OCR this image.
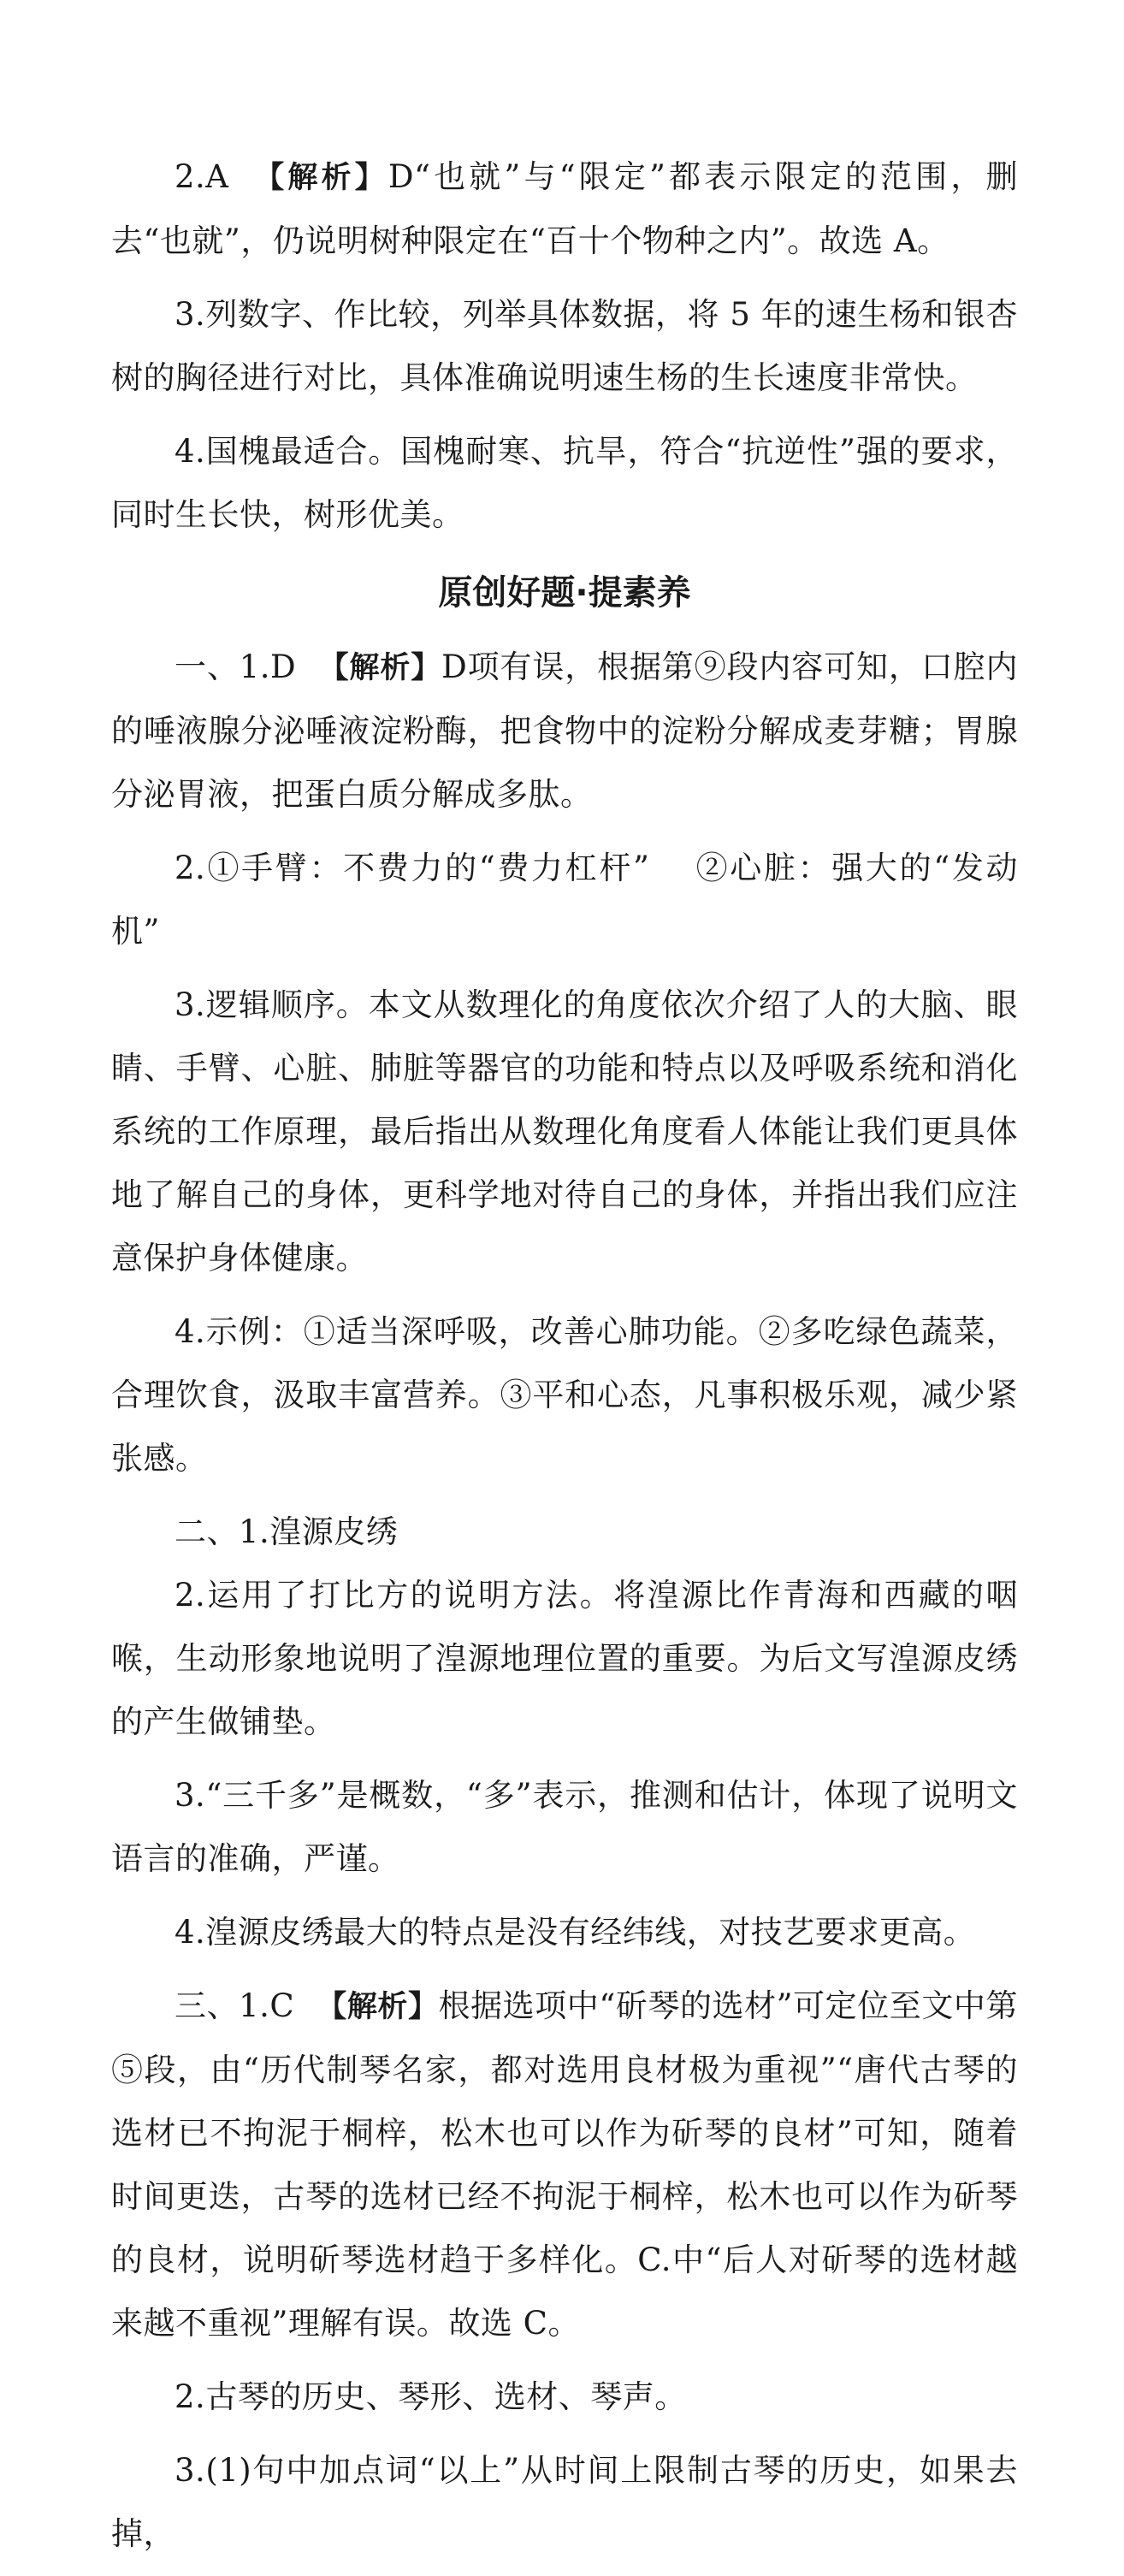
2.A 【解析】D“也就”与“限定”都表示限定的范围，删去“也就”，仍说明树种限定在“百十个物种之内”。故选 A。

3.列数字、作比较，列举具体数据，将 5 年的速生杨和银杏树的胸径进行对比，具体准确说明速生杨的生长速度非常快。

4.国槐最适合。国槐耐寒、抗旱，符合“抗逆性”强的要求，同时生长快，树形优美。

原创好题·提素养

一、1.D 【解析】D项有误，根据第⑨段内容可知，口腔内的唾液腺分泌唾液淀粉酶，把食物中的淀粉分解成麦芽糖；胃腺分泌胃液，把蛋白质分解成多肽。

2.①手臂：不费力的“费力杠杆” ②心脏：强大的“发动机”

3.逻辑顺序。本文从数理化的角度依次介绍了人的大脑、眼睛、手臂、心脏、肺脏等器官的功能和特点以及呼吸系统和消化系统的工作原理，最后指出从数理化角度看人体能让我们更具体地了解自己的身体，更科学地对待自己的身体，并指出我们应注意保护身体健康。

4.示例：①适当深呼吸，改善心肺功能。②多吃绿色蔬菜，合理饮食，汲取丰富营养。③平和心态，凡事积极乐观，减少紧张感。

二、1.湟源皮绣

2.运用了打比方的说明方法。将湟源比作青海和西藏的咽喉，生动形象地说明了湟源地理位置的重要。为后文写湟源皮绣的产生做铺垫。

3.“三千多”是概数，“多”表示，推测和估计，体现了说明文语言的准确，严谨。

4.湟源皮绣最大的特点是没有经纬线，对技艺要求更高。

三、1.C 【解析】根据选项中“斫琴的选材”可定位至文中第⑤段，由“历代制琴名家，都对选用良材极为重视”“唐代古琴的选材已不拘泥于桐梓，松木也可以作为斫琴的良材”可知，随着时间更迭，古琴的选材已经不拘泥于桐梓，松木也可以作为斫琴的良材，说明斫琴选材趋于多样化。C.中“后人对斫琴的选材越来越不重视”理解有误。故选 C。

2.古琴的历史、琴形、选材、琴声。

3.(1)句中加点词“以上”从时间上限制古琴的历史，如果去掉，
